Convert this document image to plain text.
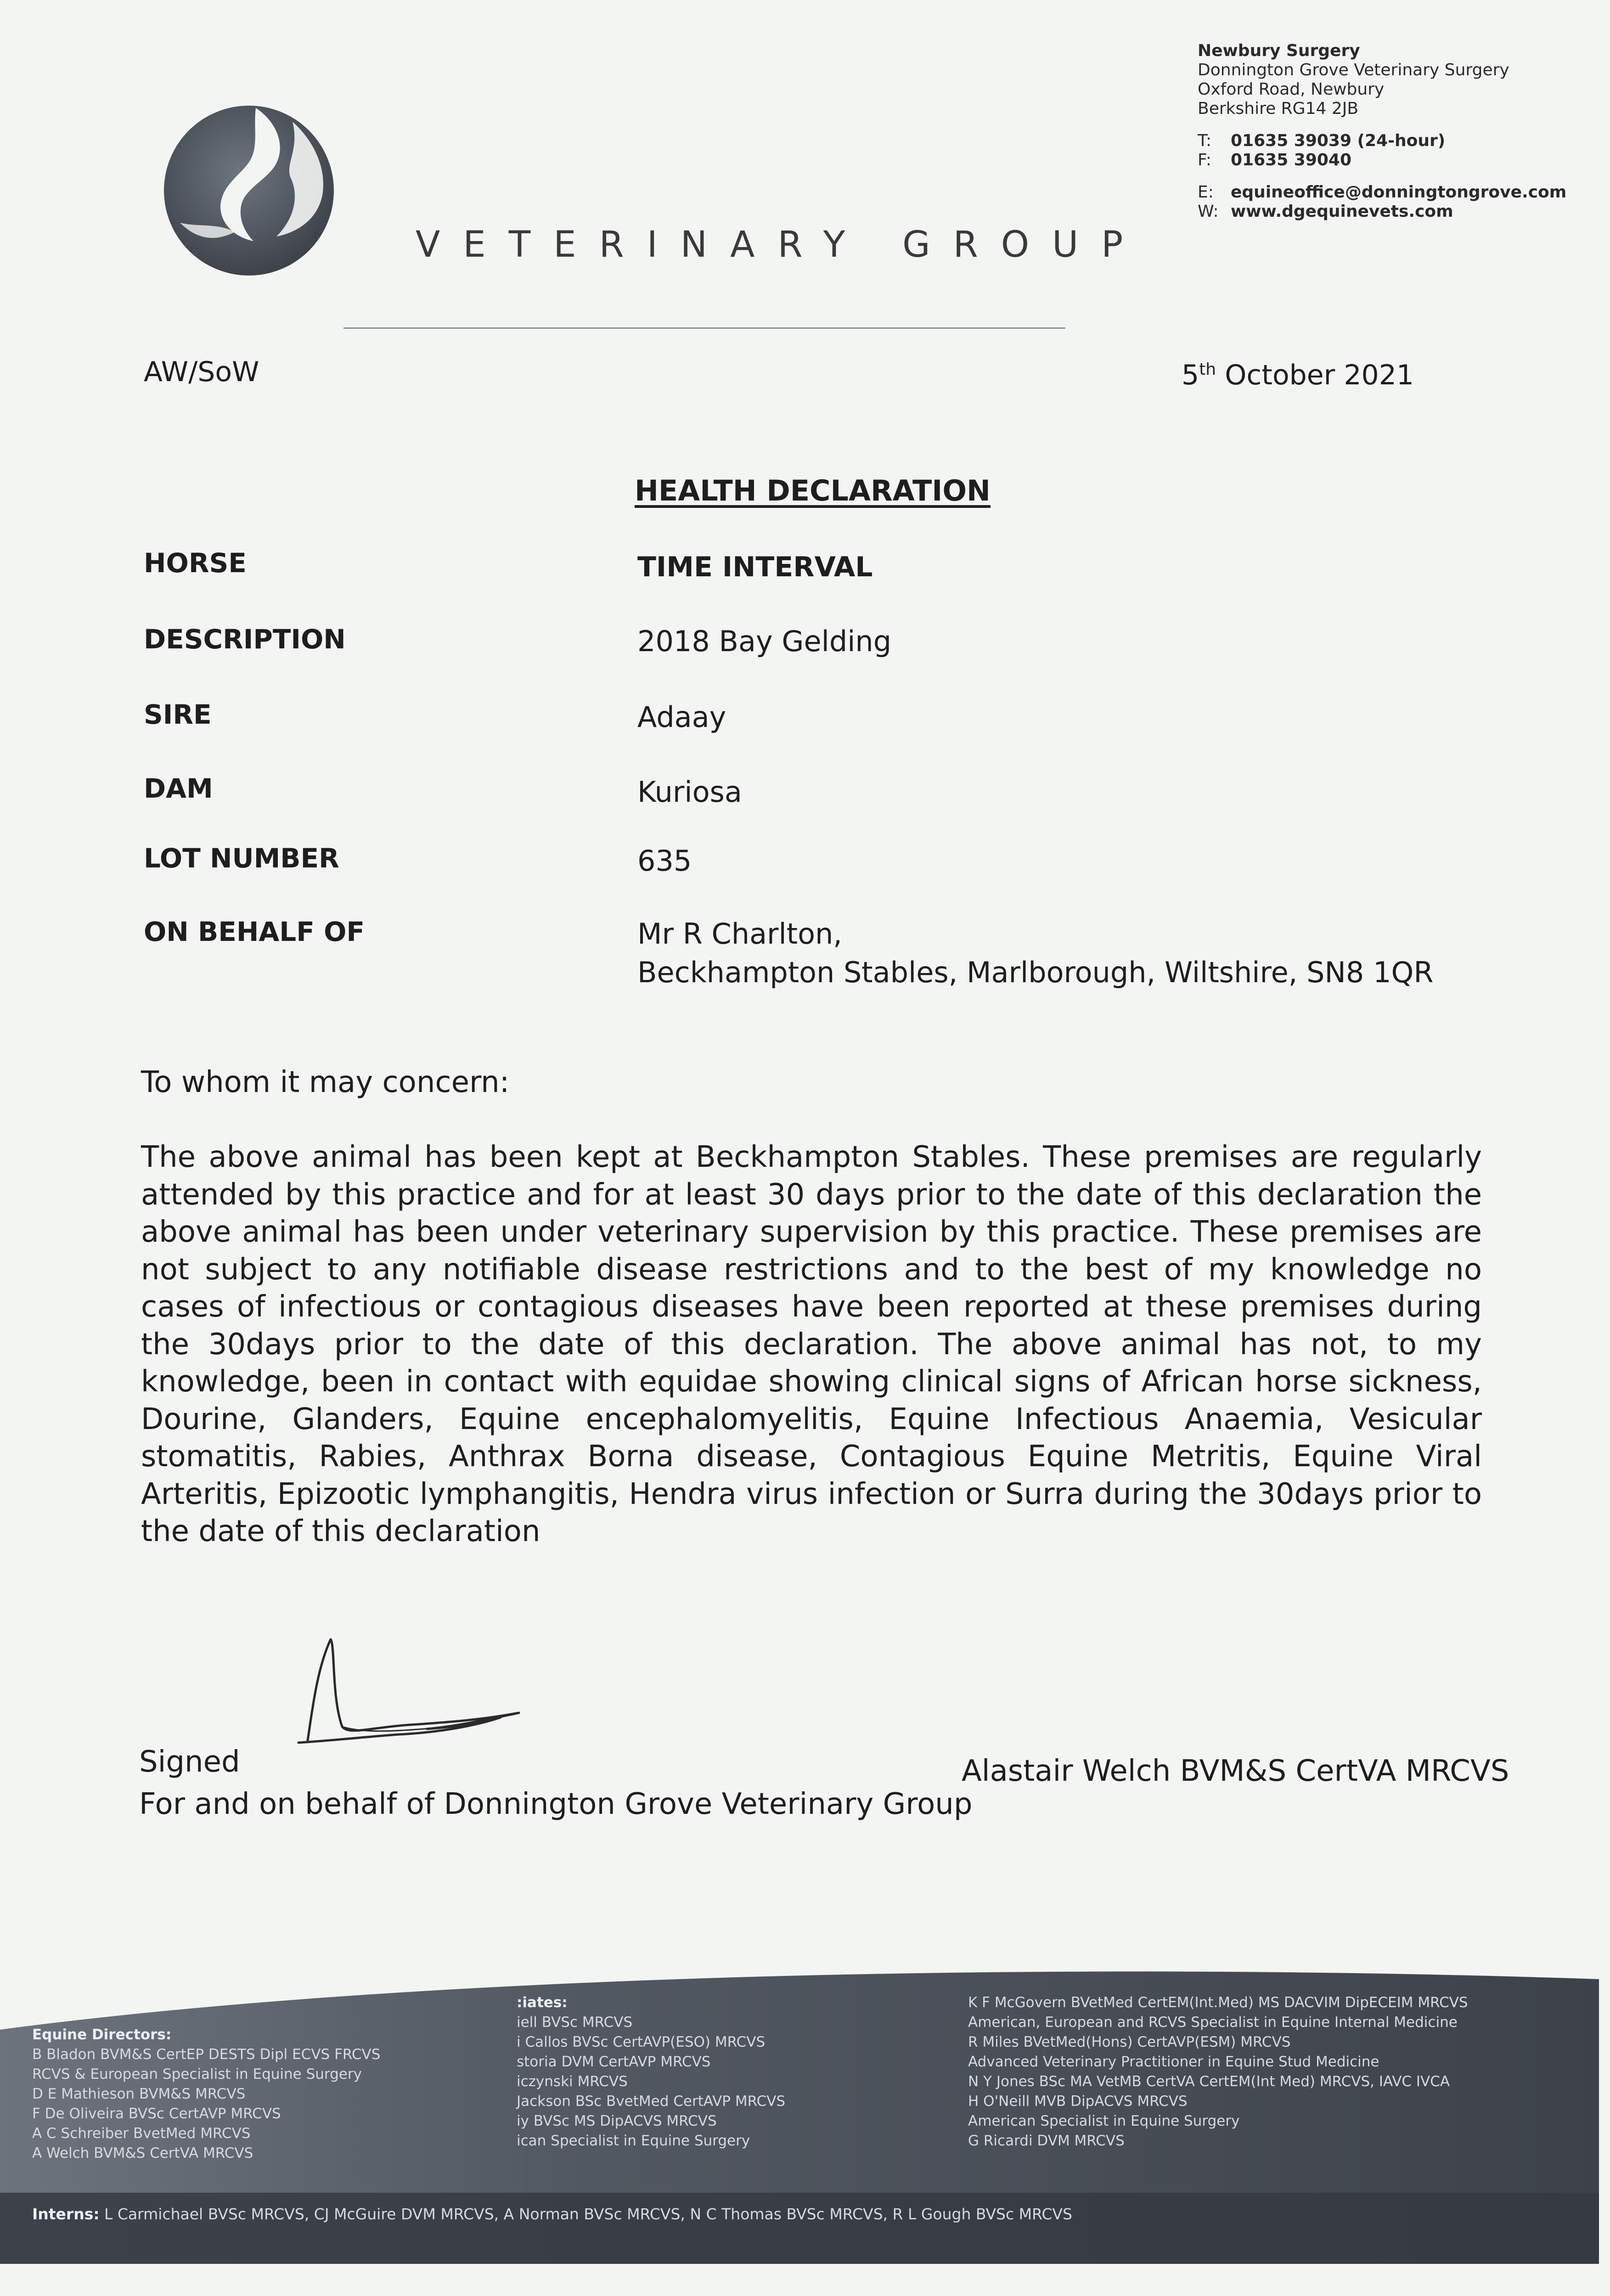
VETERINARY GROUP
Newbury Surgery
Donnington Grove Veterinary Surgery
Oxford Road, Newbury
Berkshire RG14 2JB
T: 01635 39039 (24-hour)
F: 01635 39040
E: equineoffice@donningtongrove.com
W: www.dgequinevets.com
AW/SoW	5th October 2021
HEALTH DECLARATION
HORSE	TIME INTERVAL
DESCRIPTION	2018 Bay Gelding
SIRE	Adaay
DAM	Kuriosa
LOT NUMBER	635
ON BEHALF OF	Mr R Charlton,
Beckhampton Stables, Marlborough, Wiltshire, SN8 1QR
To whom it may concern:

The above animal has been kept at Beckhampton Stables. These premises are regularly attended by this practice and for at least 30 days prior to the date of this declaration the above animal has been under veterinary supervision by this practice. These premises are not subject to any notifiable disease restrictions and to the best of my knowledge no cases of infectious or contagious diseases have been reported at these premises during the 30days prior to the date of this declaration. The above animal has not, to my knowledge, been in contact with equidae showing clinical signs of African horse sickness, Dourine, Glanders, Equine encephalomyelitis, Equine Infectious Anaemia, Vesicular stomatitis, Rabies, Anthrax Borna disease, Contagious Equine Metritis, Equine Viral Arteritis, Epizootic lymphangitis, Hendra virus infection or Surra during the 30days prior to the date of this declaration

Signed	Alastair Welch BVM&S CertVA MRCVS
For and on behalf of Donnington Grove Veterinary Group
Equine Directors:
B Bladon BVM&S CertEP DESTS Dipl ECVS FRCVS
RCVS & European Specialist in Equine Surgery
D E Mathieson BVM&S MRCVS
F De Oliveira BVSc CertAVP MRCVS
A C Schreiber BvetMed MRCVS
A Welch BVM&S CertVA MRCVS
:iates:
iell BVSc MRCVS
i Callos BVSc CertAVP(ESO) MRCVS
storia DVM CertAVP MRCVS
iczynski MRCVS
Jackson BSc BvetMed CertAVP MRCVS
iy BVSc MS DipACVS MRCVS
ican Specialist in Equine Surgery
K F McGovern BVetMed CertEM(Int.Med) MS DACVIM DipECEIM MRCVS
American, European and RCVS Specialist in Equine Internal Medicine
R Miles BVetMed(Hons) CertAVP(ESM) MRCVS
Advanced Veterinary Practitioner in Equine Stud Medicine
N Y Jones BSc MA VetMB CertVA CertEM(Int Med) MRCVS, IAVC IVCA
H O'Neill MVB DipACVS MRCVS
American Specialist in Equine Surgery
G Ricardi DVM MRCVS
Interns: L Carmichael BVSc MRCVS, CJ McGuire DVM MRCVS, A Norman BVSc MRCVS, N C Thomas BVSc MRCVS, R L Gough BVSc MRCVS
